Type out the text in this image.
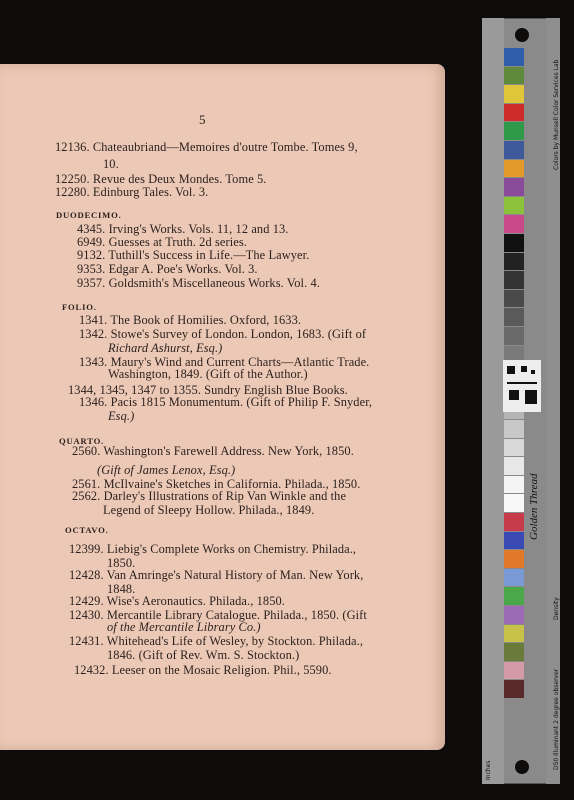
5
12136. Chateaubriand—Memoires d'outre Tombe. Tomes 9,
10.
12250. Revue des Deux Mondes. Tome 5.
12280. Edinburg Tales. Vol. 3.
DUODECIMO.
4345. Irving's Works. Vols. 11, 12 and 13.
6949. Guesses at Truth. 2d series.
9132. Tuthill's Success in Life.—The Lawyer.
9353. Edgar A. Poe's Works. Vol. 3.
9357. Goldsmith's Miscellaneous Works. Vol. 4.
FOLIO.
1341. The Book of Homilies. Oxford, 1633.
1342. Stowe's Survey of London. London, 1683. (Gift of
Richard Ashurst, Esq.)
1343. Maury's Wind and Current Charts—Atlantic Trade.
Washington, 1849. (Gift of the Author.)
1344, 1345, 1347 to 1355. Sundry English Blue Books.
1346. Pacis 1815 Monumentum. (Gift of Philip F. Snyder,
Esq.)
QUARTO.
2560. Washington's Farewell Address. New York, 1850.
(Gift of James Lenox, Esq.)
2561. McIlvaine's Sketches in California. Philada., 1850.
2562. Darley's Illustrations of Rip Van Winkle and the
Legend of Sleepy Hollow. Philada., 1849.
OCTAVO.
12399. Liebig's Complete Works on Chemistry. Philada.,
1850.
12428. Van Amringe's Natural History of Man. New York,
1848.
12429. Wise's Aeronautics. Philada., 1850.
12430. Mercantile Library Catalogue. Philada., 1850. (Gift
of the Mercantile Library Co.)
12431. Whitehead's Life of Wesley, by Stockton. Philada.,
1846. (Gift of Rev. Wm. S. Stockton.)
12432. Leeser on the Mosaic Religion. Phil., 5590.
Golden Thread
Colors by Munsell Color Services Lab
D50 Illuminant 2 degree observer
Density
Inches
